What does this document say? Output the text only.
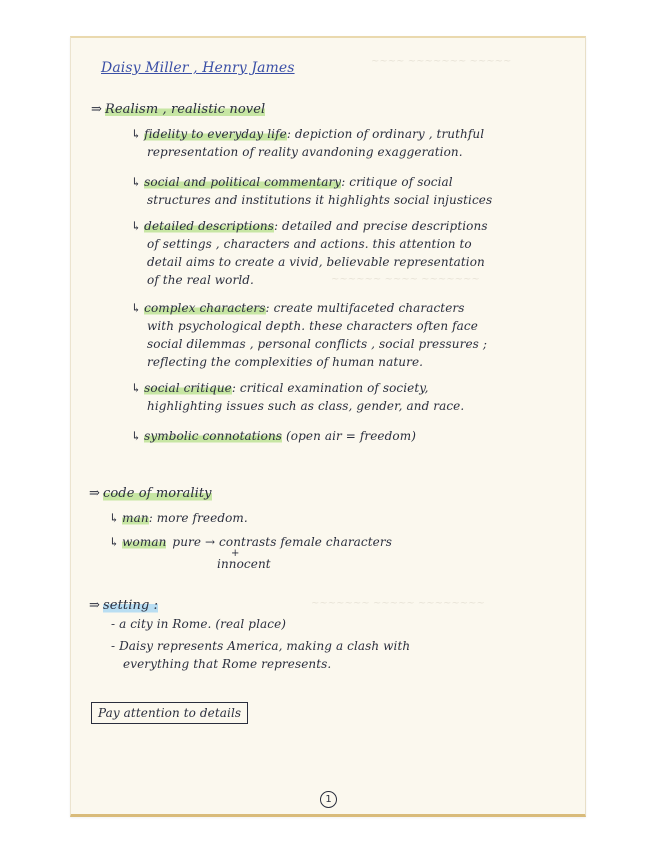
~~~~ ~~~~~~~ ~~~~~
~~~~~~ ~~~~ ~~~~~~~
~~~~~~~ ~~~~~ ~~~~~~~~
Daisy Miller , Henry James
⇒ Realism , realistic novel
↳ fidelity to everyday life: depiction of ordinary , truthful
representation of reality avandoning exaggeration.
↳ social and political commentary: critique of social
structures and institutions it highlights social injustices
↳ detailed descriptions: detailed and precise descriptions
of settings , characters and actions. this attention to
detail aims to create a vivid, believable representation
of the real world.
↳ complex characters: create multifaceted characters
with psychological depth. these characters often face
social dilemmas , personal conflicts , social pressures ;
reflecting the complexities of human nature.
↳ social critique: critical examination of society,
highlighting issues such as class, gender, and race.
↳ symbolic connotations (open air = freedom)
⇒ code of morality
↳ man: more freedom.
↳ woman pure → contrasts female characters
+
innocent
⇒ setting :
- a city in Rome. (real place)
- Daisy represents America, making a clash with
everything that Rome represents.
Pay attention to details
1
